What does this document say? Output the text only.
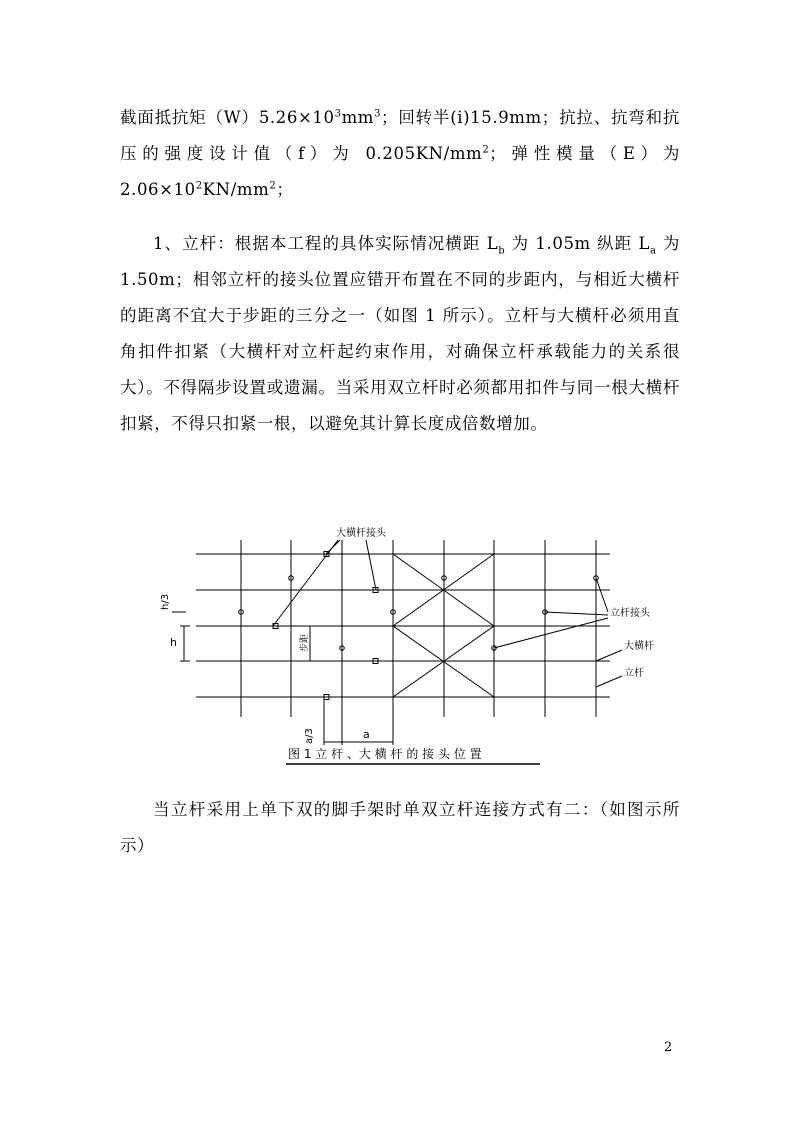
截面抵抗矩$(W)5.26\times 10^3mm^3$；回转半(i)15.9mm；抗拉、抗弯和抗压的强度设计值（f）为 $0.205KN/mm^2$；弹性模量（E）为 $2.06\times 10^2KN/mm^2$；

1、立杆：根据本工程的具体实际情况横距 $L_b$ 为 1.05m 纵距 $L_a$ 为 1.50m；相邻立杆的接头位置应错开布置在不同的步距内，与相近大横杆的距离不宜大于步距的三分之一（如图 1 所示）。立杆与大横杆必须用直角扣件扣紧（大横杆对立杆起约束作用，对确保立杆承载能力的关系很大）。不得隔步设置或遗漏。当采用双立杆时必须都用扣件与同一根大横杆扣紧，不得只扣紧一根，以避免其计算长度成倍数增加。

大横杆接头
立杆接头
大横杆
立杆
h
h/3
a/3	a
步距
图 1 立 杆 、大 横 杆 的 接 头 位 置

当立杆采用上单下双的脚手架时单双立杆连接方式有二：（如图示所示）

2
